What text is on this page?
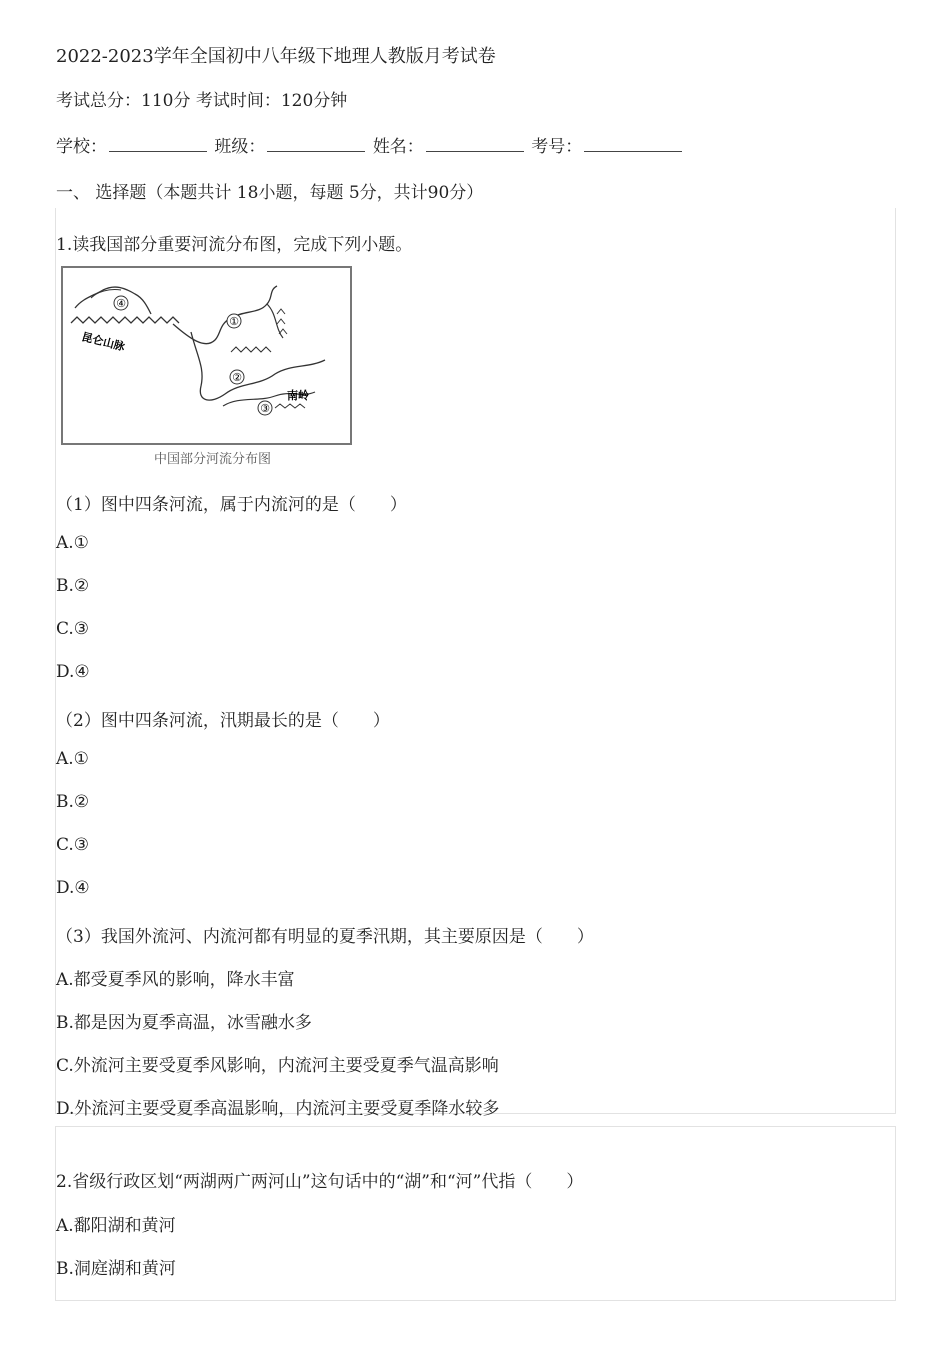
2022-2023学年全国初中八年级下地理人教版月考试卷
考试总分：110分 考试时间：120分钟
学校：	班级：	姓名：	考号：
一、 选择题（本题共计 18小题，每题 5分，共计90分）
1.读我国部分重要河流分布图，完成下列小题。
④
①
②
③
昆仑山脉
南岭
中国部分河流分布图
（1）图中四条河流，属于内流河的是（　　）
A.①
B.②
C.③
D.④
（2）图中四条河流，汛期最长的是（　　）
A.①
B.②
C.③
D.④
（3）我国外流河、内流河都有明显的夏季汛期，其主要原因是（　　）
A.都受夏季风的影响，降水丰富
B.都是因为夏季高温，冰雪融水多
C.外流河主要受夏季风影响，内流河主要受夏季气温高影响
D.外流河主要受夏季高温影响，内流河主要受夏季降水较多
2.省级行政区划“两湖两广两河山”这句话中的“湖”和“河”代指（　　）
A.鄱阳湖和黄河
B.洞庭湖和黄河
